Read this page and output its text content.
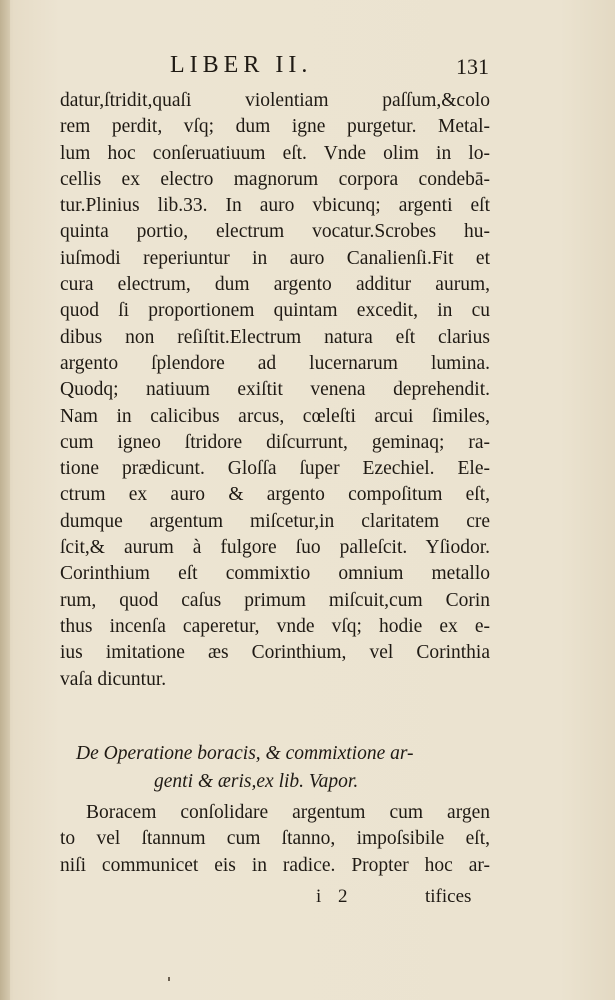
LIBER II.	131
datur,ſtridit,quaſi violentiam paſſum,&colo
rem perdit, vſq; dum igne purgetur. Metal-
lum hoc conſeruatiuum eſt. Vnde olim in lo-
cellis ex electro magnorum corpora condebā-
tur.Plinius lib.33. In auro vbicunq; argenti eſt
quinta portio, electrum vocatur.Scrobes hu-
iuſmodi reperiuntur in auro Canalienſi.Fit et
cura electrum, dum argento additur aurum,
quod ſi proportionem quintam excedit, in cu
dibus non reſiſtit.Electrum natura eſt clarius
argento ſplendore ad lucernarum lumina.
Quodq; natiuum exiſtit venena deprehendit.
Nam in calicibus arcus, cœleſti arcui ſimiles,
cum igneo ſtridore diſcurrunt, geminaq; ra-
tione prædicunt. Gloſſa ſuper Ezechiel. Ele-
ctrum ex auro & argento compoſitum eſt,
dumque argentum miſcetur,in claritatem cre
ſcit,& aurum à fulgore ſuo palleſcit. Yſiodor.
Corinthium eſt commixtio omnium metallo
rum, quod caſus primum miſcuit,cum Corin
thus incenſa caperetur, vnde vſq; hodie ex e-
ius imitatione æs Corinthium, vel Corinthia
vaſa dicuntur.
De Operatione boracis, & commixtione ar-
genti & æris,ex lib. Vapor.
Boracem conſolidare argentum cum argen
to vel ſtannum cum ſtanno, impoſsibile eſt,
niſi communicet eis in radice. Propter hoc ar-
i 2	tifices
